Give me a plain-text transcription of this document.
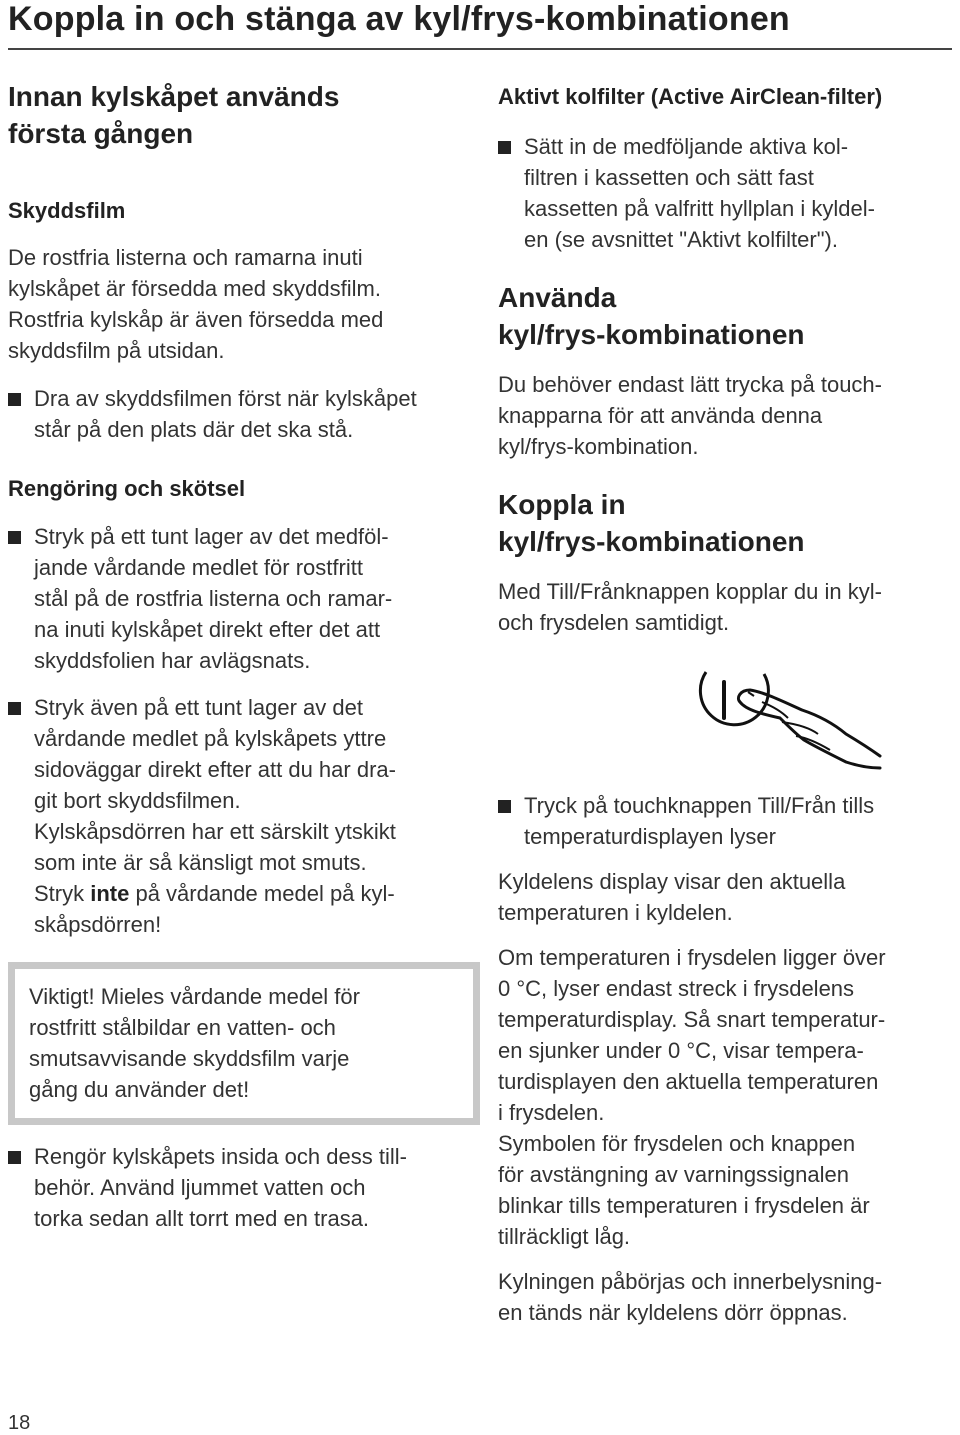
Koppla in och stänga av kyl/frys-kombinationen
Innan kylskåpet används
första gången
Skyddsfilm
De rostfria listerna och ramarna inuti
kylskåpet är försedda med skyddsfilm.
Rostfria kylskåp är även försedda med
skyddsfilm på utsidan.
Dra av skyddsfilmen först när kylskåpet
står på den plats där det ska stå.
Rengöring och skötsel
Stryk på ett tunt lager av det medföl-
jande vårdande medlet för rostfritt
stål på de rostfria listerna och ramar-
na inuti kylskåpet direkt efter det att
skyddsfolien har avlägsnats.
Stryk även på ett tunt lager av det
vårdande medlet på kylskåpets yttre
sidoväggar direkt efter att du har dra-
git bort skyddsfilmen.
Kylskåpsdörren har ett särskilt ytskikt
som inte är så känsligt mot smuts.
Stryk inte på vårdande medel på kyl-
skåpsdörren!
Viktigt! Mieles vårdande medel för
rostfritt stålbildar en vatten- och
smutsavvisande skyddsfilm varje
gång du använder det!
Rengör kylskåpets insida och dess till-
behör. Använd ljummet vatten och
torka sedan allt torrt med en trasa.
Aktivt kolfilter (Active AirClean-filter)
Sätt in de medföljande aktiva kol-
filtren i kassetten och sätt fast
kassetten på valfritt hyllplan i kyldel-
en (se avsnittet "Aktivt kolfilter").
Använda
kyl/frys-kombinationen
Du behöver endast lätt trycka på touch-
knapparna för att använda denna
kyl/frys-kombination.
Koppla in
kyl/frys-kombinationen
Med Till/Frånknappen kopplar du in kyl-
och frysdelen samtidigt.
Tryck på touchknappen Till/Från tills
temperaturdisplayen lyser
Kyldelens display visar den aktuella
temperaturen i kyldelen.
Om temperaturen i frysdelen ligger över
0 °C, lyser endast streck i frysdelens
temperaturdisplay. Så snart temperatur-
en sjunker under 0 °C, visar tempera-
turdisplayen den aktuella temperaturen
i frysdelen.
Symbolen för frysdelen och knappen
för avstängning av varningssignalen
blinkar tills temperaturen i frysdelen är
tillräckligt låg.
Kylningen påbörjas och innerbelysning-
en tänds när kyldelens dörr öppnas.
18
